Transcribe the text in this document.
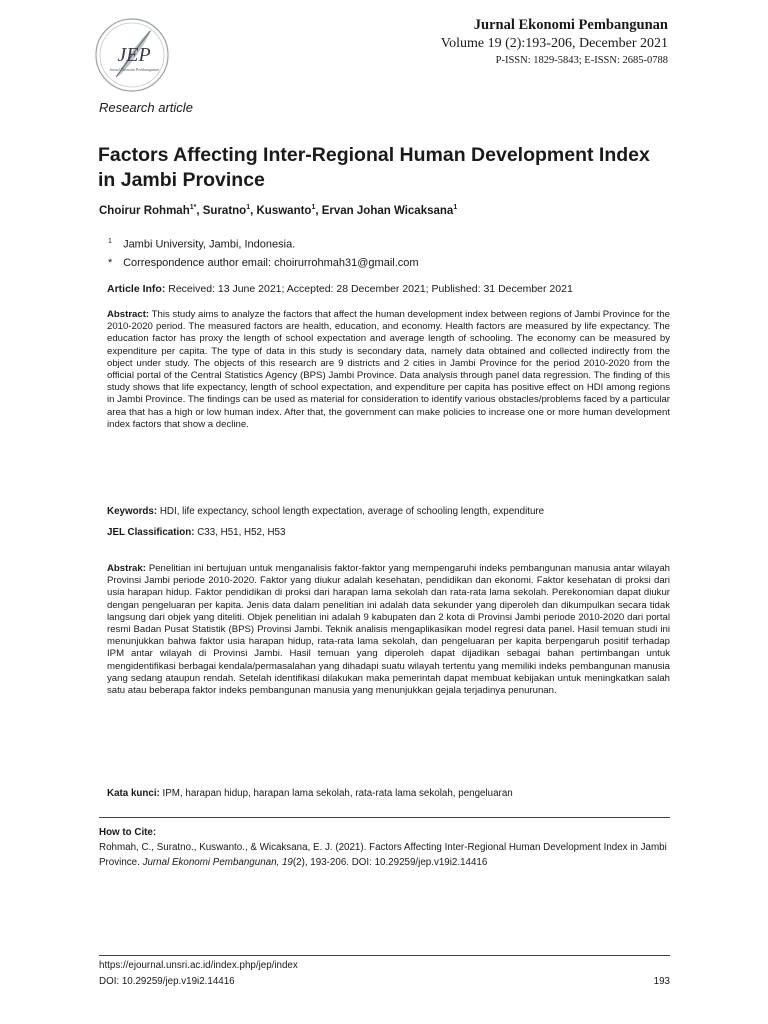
JEP
Jurnal Ekonomi Pembangunan
Jurnal Ekonomi Pembangunan
Volume 19 (2):193-206, December 2021
P-ISSN: 1829-5843; E-ISSN: 2685-0788
Research article
Factors Affecting Inter-Regional Human Development Index in Jambi Province
Choirur Rohmah$^{1*}$, Suratno$^1$, Kuswanto$^1$, Ervan Johan Wicaksana$^1$
$^1$ Jambi University, Jambi, Indonesia.
* Correspondence author email: choirurrohmah31@gmail.com
Article Info: Received: 13 June 2021; Accepted: 28 December 2021; Published: 31 December 2021
Abstract: This study aims to analyze the factors that affect the human development index between regions of Jambi Province for the 2010-2020 period. The measured factors are health, education, and economy. Health factors are measured by life expectancy. The education factor has proxy the length of school expectation and average length of schooling. The economy can be measured by expenditure per capita. The type of data in this study is secondary data, namely data obtained and collected indirectly from the object under study. The objects of this research are 9 districts and 2 cities in Jambi Province for the period 2010-2020 from the official portal of the Central Statistics Agency (BPS) Jambi Province. Data analysis through panel data regression. The finding of this study shows that life expectancy, length of school expectation, and expenditure per capita has positive effect on HDI among regions in Jambi Province. The findings can be used as material for consideration to identify various obstacles/problems faced by a particular area that has a high or low human index. After that, the government can make policies to increase one or more human development index factors that show a decline.
Keywords: HDI, life expectancy, school length expectation, average of schooling length, expenditure
JEL Classification: C33, H51, H52, H53
Abstrak: Penelitian ini bertujuan untuk menganalisis faktor-faktor yang mempengaruhi indeks pembangunan manusia antar wilayah Provinsi Jambi periode 2010-2020. Faktor yang diukur adalah kesehatan, pendidikan dan ekonomi. Faktor kesehatan di proksi dari usia harapan hidup. Faktor pendidikan di proksi dari harapan lama sekolah dan rata-rata lama sekolah. Perekonomian dapat diukur dengan pengeluaran per kapita. Jenis data dalam penelitian ini adalah data sekunder yang diperoleh dan dikumpulkan secara tidak langsung dari objek yang diteliti. Objek penelitian ini adalah 9 kabupaten dan 2 kota di Provinsi Jambi periode 2010-2020 dari portal resmi Badan Pusat Statistik (BPS) Provinsi Jambi. Teknik analisis mengaplikasikan model regresi data panel. Hasil temuan studi ini menunjukkan bahwa faktor usia harapan hidup, rata-rata lama sekolah, dan pengeluaran per kapita berpengaruh positif terhadap IPM antar wilayah di Provinsi Jambi. Hasil temuan yang diperoleh dapat dijadikan sebagai bahan pertimbangan untuk mengidentifikasi berbagai kendala/permasalahan yang dihadapi suatu wilayah tertentu yang memiliki indeks pembangunan manusia yang sedang ataupun rendah. Setelah identifikasi dilakukan maka pemerintah dapat membuat kebijakan untuk meningkatkan salah satu atau beberapa faktor indeks pembangunan manusia yang menunjukkan gejala terjadinya penurunan.
Kata kunci: IPM, harapan hidup, harapan lama sekolah, rata-rata lama sekolah, pengeluaran
How to Cite:
Rohmah, C., Suratno., Kuswanto., & Wicaksana, E. J. (2021). Factors Affecting Inter-Regional Human Development Index in Jambi Province. Jurnal Ekonomi Pembangunan, 19(2), 193-206. DOI: 10.29259/jep.v19i2.14416
https://ejournal.unsri.ac.id/index.php/jep/index
DOI: 10.29259/jep.v19i2.14416	193
